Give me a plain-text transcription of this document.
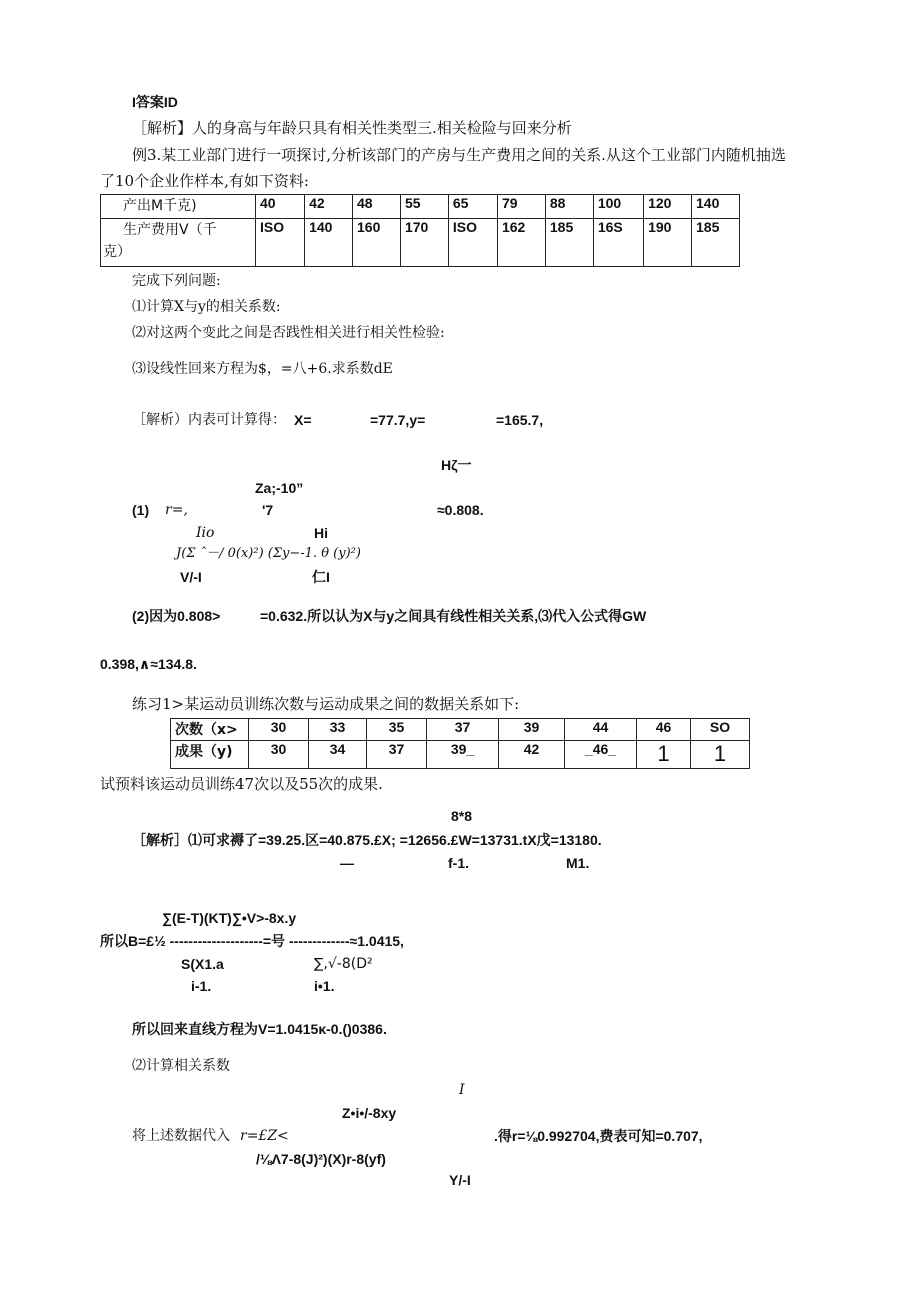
I答案ID
［解析】人的身高与年龄只具有相关性类型三.相关检险与回来分析
例3.某工业部门进行一项探讨,分析该部门的产房与生产费用之间的关系.从这个工业部门内随机抽选
了10个企业作样本,有如下资料:
产出M千克)	40	42	48	55	65	79	88	100	120	140
生产费用V（千
克）	ISO	140	160	170	ISO	162	185	16S	190	185
完成下列问题:
⑴计算X与y的相关系数:
⑵对这两个变此之间是否践性相关进行相关性检验:
⑶设线性回来方程为$，=八+6.求系数dE
［解析）内表可计算得： X=	=77.7,y=	=165.7,
Hζ一
Za;-10”
(1) r=,	'7	≈0.808.
Ιio	Hi
J(Σ ˆ－/ 0(x)²) (Σy−-1. θ (y)²)
V/-I	仁I
(2)因为0.808>	=0.632.所以认为X与y之间具有线性相关关系,⑶代入公式得GW
0.398,∧≈134.8.
练习1>某运动员训练次数与运动成果之间的数据关系如下:
次数（x>	30	33	35	37	39	44	46	SO
成果（y)	30	34	37	39_	42	_46_	1	1
试预料该运动员训练47次以及55次的成果.
8*8
［解析］⑴可求褥了=39.25.区=40.875.£X; =12656.£W=13731.tX戊=13180.
—	f-1.	M1.
∑(E-T)(KT)∑•V>-8x.y
所以B=£½ --------------------=号 -------------≈1.0415,
S(X1.a	∑,√-8(D²
i-1.	i•1.
所以回来直线方程为V=1.0415κ-0.()0386.
⑵计算相关系数
I
Z•i•/-8xy
将上述数据代入 r=£Z<	.得r=⅛0.992704,费表可知=0.707,
/⅛Λ7-8(J)²)(X)r-8(yf)
Y/-I
